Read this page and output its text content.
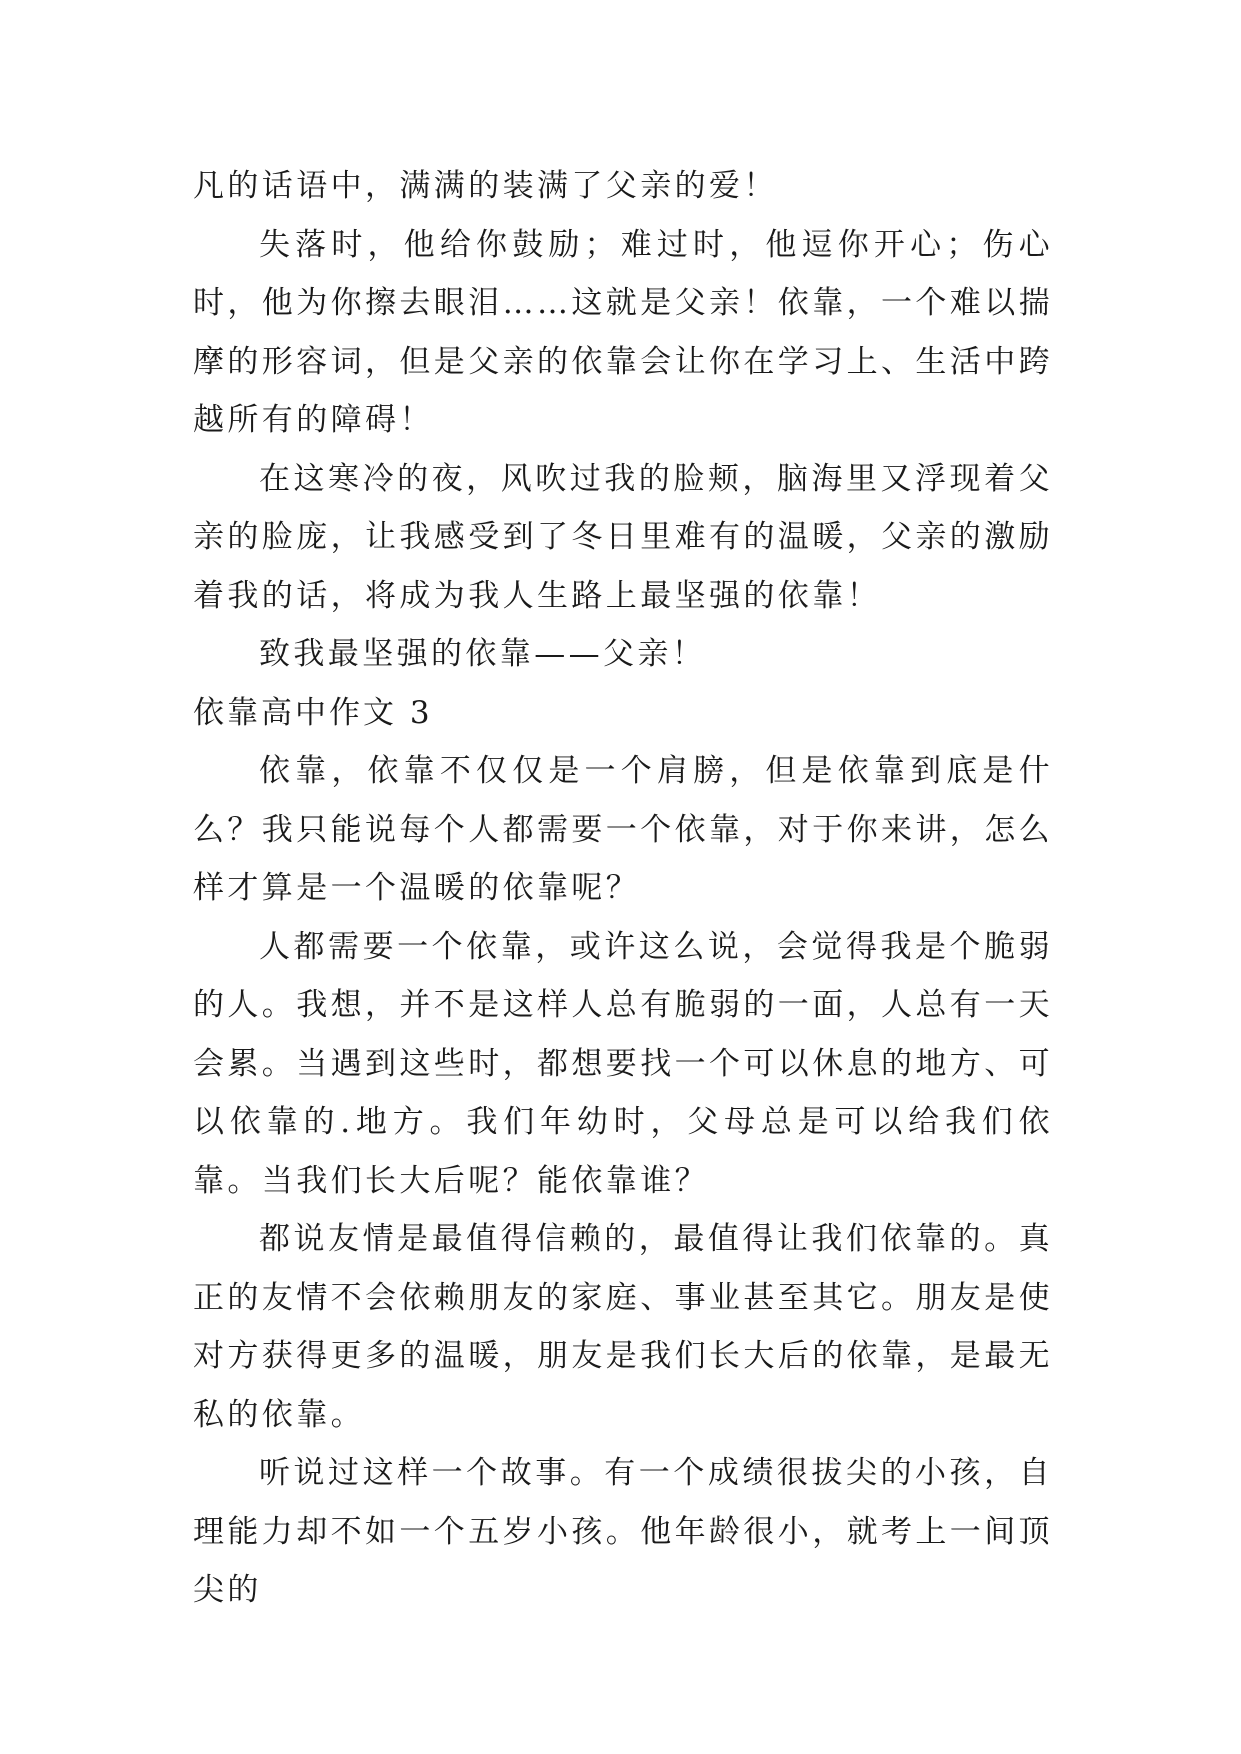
凡的话语中，满满的装满了父亲的爱！

失落时，他给你鼓励；难过时，他逗你开心；伤心时，他为你擦去眼泪……这就是父亲！依靠，一个难以揣摩的形容词，但是父亲的依靠会让你在学习上、生活中跨越所有的障碍！

在这寒冷的夜，风吹过我的脸颊，脑海里又浮现着父亲的脸庞，让我感受到了冬日里难有的温暖，父亲的激励着我的话，将成为我人生路上最坚强的依靠！

致我最坚强的依靠——父亲！

依靠高中作文 3

依靠，依靠不仅仅是一个肩膀，但是依靠到底是什么？我只能说每个人都需要一个依靠，对于你来讲，怎么样才算是一个温暖的依靠呢？

人都需要一个依靠，或许这么说，会觉得我是个脆弱的人。我想，并不是这样人总有脆弱的一面，人总有一天会累。当遇到这些时，都想要找一个可以休息的地方、可以依靠的.地方。我们年幼时，父母总是可以给我们依靠。当我们长大后呢？能依靠谁？

都说友情是最值得信赖的，最值得让我们依靠的。真正的友情不会依赖朋友的家庭、事业甚至其它。朋友是使对方获得更多的温暖，朋友是我们长大后的依靠，是最无私的依靠。

听说过这样一个故事。有一个成绩很拔尖的小孩，自理能力却不如一个五岁小孩。他年龄很小，就考上一间顶尖的
